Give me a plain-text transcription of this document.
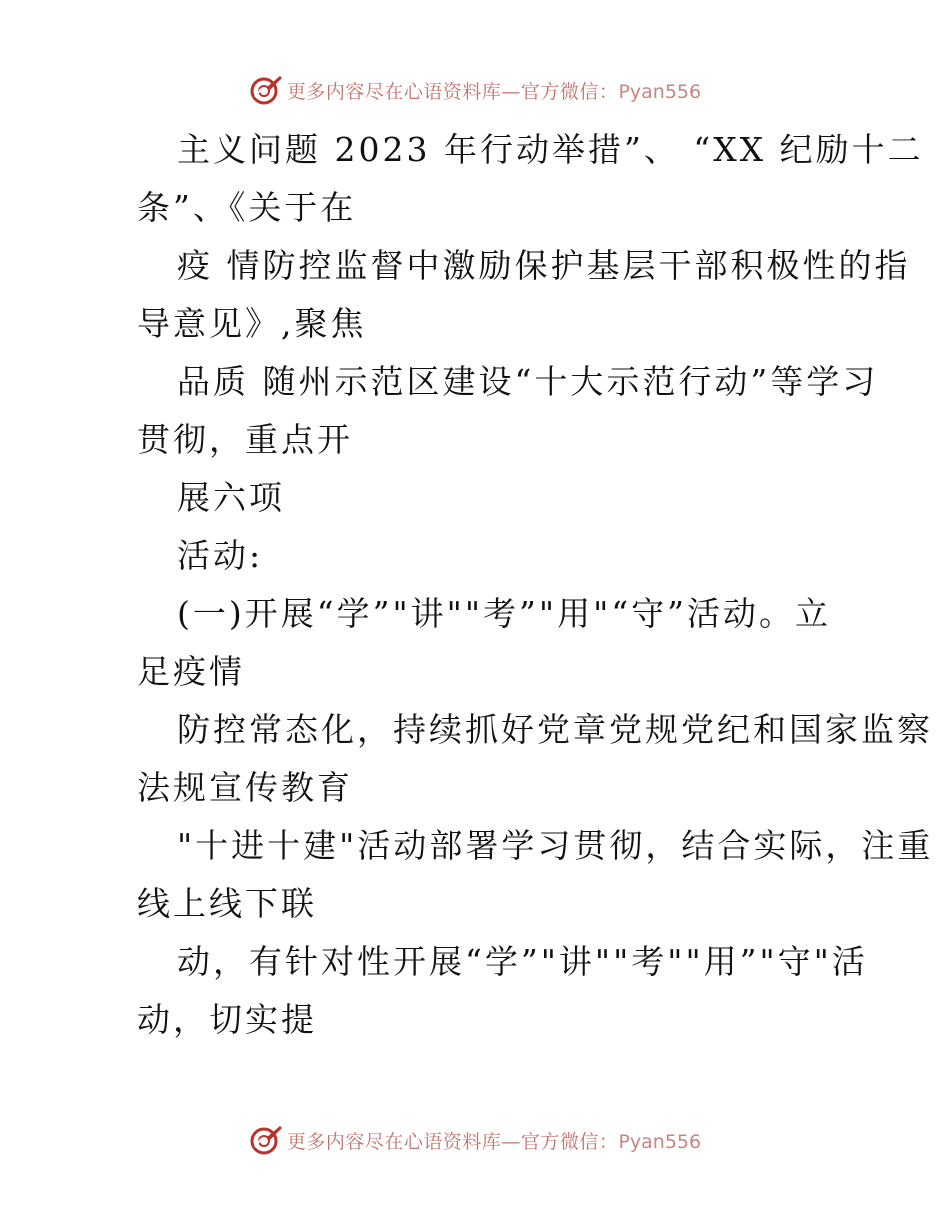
更多内容尽在心语资料库—官方微信：Pyan556

主义问题 2023 年行动举措”、 “XX 纪励十二
条”、《关于在

疫 情防控监督中激励保护基层干部积极性的指
导意见》,聚焦

品质 随州示范区建设“十大示范行动”等学习
贯彻，重点开

展六项

活动:

(一)开展“学”"讲""考”"用"“守”活动。立
足疫情

防控常态化，持续抓好党章党规党纪和国家监察
法规宣传教育

"十进十建"活动部署学习贯彻，结合实际，注重
线上线下联

动，有针对性开展“学”"讲""考""用”"守"活
动，切实提

更多内容尽在心语资料库—官方微信：Pyan556
